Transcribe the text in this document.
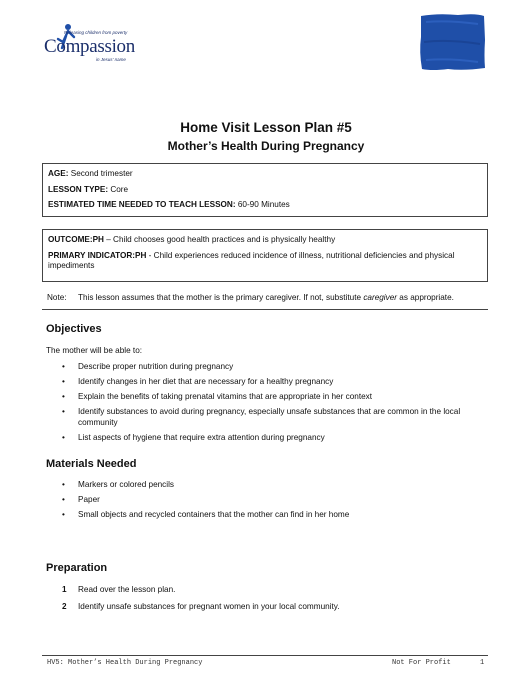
Releasing children from poverty
Compassion
in Jesus' name
Home Visit Lesson Plan #5
Mother’s Health During Pregnancy

AGE: Second trimester

LESSON TYPE: Core

ESTIMATED TIME NEEDED TO TEACH LESSON: 60-90 Minutes

OUTCOME:PH – Child chooses good health practices and is physically healthy

PRIMARY INDICATOR:PH - Child experiences reduced incidence of illness, nutritional deficiencies and physical impediments

Note: This lesson assumes that the mother is the primary caregiver. If not, substitute caregiver as appropriate.
Objectives
The mother will be able to:
• Describe proper nutrition during pregnancy
• Identify changes in her diet that are necessary for a healthy pregnancy
• Explain the benefits of taking prenatal vitamins that are appropriate in her context
• Identify substances to avoid during pregnancy, especially unsafe substances that are common in the local community
• List aspects of hygiene that require extra attention during pregnancy
Materials Needed
• Markers or colored pencils
• Paper
• Small objects and recycled containers that the mother can find in her home
Preparation
1 Read over the lesson plan.
2 Identify unsafe substances for pregnant women in your local community.
HV5: Mother’s Health During Pregnancy	Not For Profit	1
